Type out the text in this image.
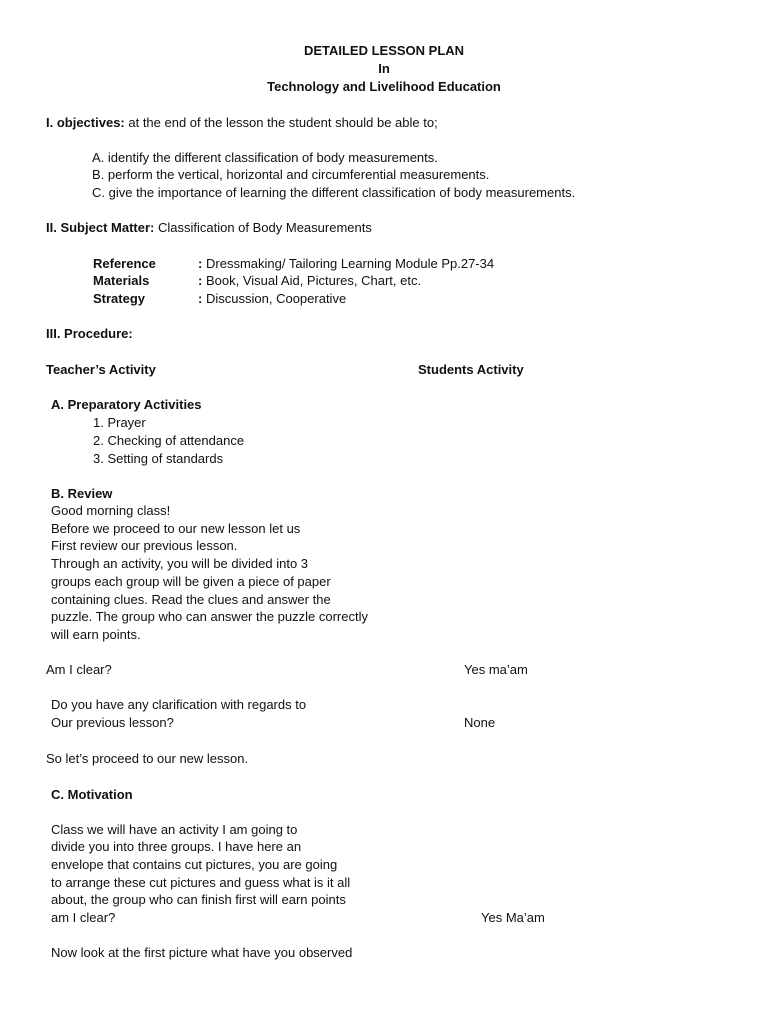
DETAILED LESSON PLAN
In
Technology and Livelihood Education
I. objectives: at the end of the lesson the student should be able to;
A. identify the different classification of body measurements.
B. perform the vertical, horizontal and circumferential measurements.
C. give the importance of learning the different classification of body measurements.
II. Subject Matter: Classification of Body Measurements
Reference	: Dressmaking/ Tailoring Learning Module Pp.27-34
Materials	: Book, Visual Aid, Pictures, Chart, etc.
Strategy	: Discussion, Cooperative
III. Procedure:
Teacher’s Activity	Students Activity
A. Preparatory Activities
1. Prayer
2. Checking of attendance
3. Setting of standards
B. Review
Good morning class!
Before we proceed to our new lesson let us
First review our previous lesson.
Through an activity, you will be divided into 3
groups each group will be given a piece of paper
containing clues. Read the clues and answer the
puzzle. The group who can answer the puzzle correctly
will earn points.
Am I clear?	Yes ma’am
Do you have any clarification with regards to
Our previous lesson?	None
So let’s proceed to our new lesson.
C. Motivation
Class we will have an activity I am going to
divide you into three groups. I have here an
envelope that contains cut pictures, you are going
to arrange these cut pictures and guess what is it all
about, the group who can finish first will earn points
am I clear?	Yes Ma’am
Now look at the first picture what have you observed
